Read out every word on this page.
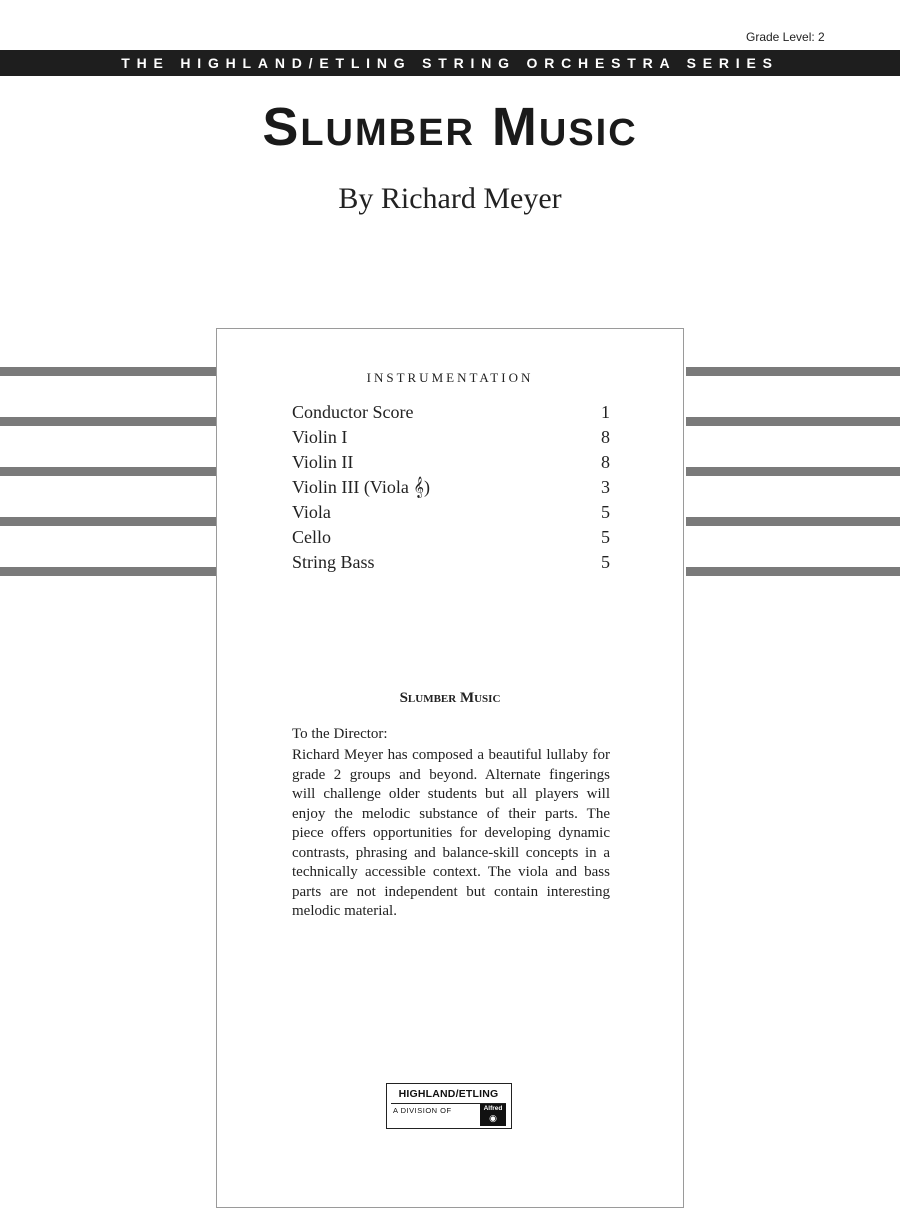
Grade Level: 2
THE HIGHLAND/ETLING STRING ORCHESTRA SERIES
Slumber Music
By Richard Meyer
INSTRUMENTATION
Conductor Score	1
Violin I	8
Violin II	8
Violin III (Viola 𝄞)	3
Viola	5
Cello	5
String Bass	5
Slumber Music
To the Director:
Richard Meyer has composed a beautiful lullaby for
grade 2 groups and beyond. Alternate fingerings
will challenge older students but all players will
enjoy the melodic substance of their parts. The
piece offers opportunities for developing dynamic
contrasts, phrasing and balance-skill concepts in a
technically accessible context. The viola and bass
parts are not independent but contain interesting
melodic material.
HIGHLAND/ETLING
A DIVISION OF	Alfred
◉
